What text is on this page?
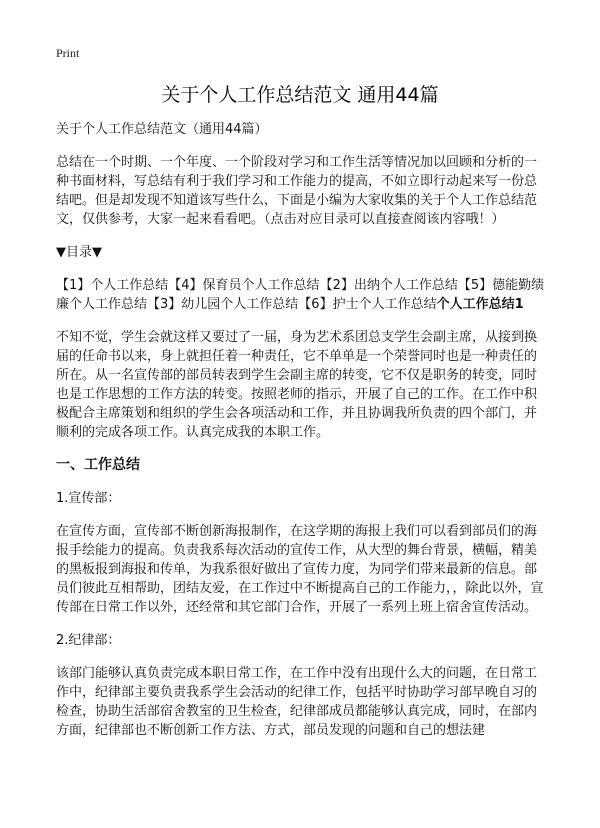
Print
关于个人工作总结范文 通用44篇

关于个人工作总结范文（通用44篇）

总结在一个时期、一个年度、一个阶段对学习和工作生活等情况加以回顾和分析的一种书面材料，写总结有利于我们学习和工作能力的提高，不如立即行动起来写一份总结吧。但是却发现不知道该写些什么，下面是小编为大家收集的关于个人工作总结范文，仅供参考，大家一起来看看吧。（点击对应目录可以直接查阅该内容哦！）

▼目录▼

【1】个人工作总结【4】保育员个人工作总结【2】出纳个人工作总结【5】德能勤绩廉个人工作总结【3】幼儿园个人工作总结【6】护士个人工作总结个人工作总结1

不知不觉，学生会就这样又要过了一届，身为艺术系团总支学生会副主席，从接到换届的任命书以来，身上就担任着一种责任，它不单单是一个荣誉同时也是一种责任的所在。从一名宣传部的部员转表到学生会副主席的转变，它不仅是职务的转变，同时也是工作思想的工作方法的转变。按照老师的指示，开展了自己的工作。在工作中积极配合主席策划和组织的学生会各项活动和工作，并且协调我所负责的四个部门，并顺利的完成各项工作。认真完成我的本职工作。

一、工作总结

1.宣传部：

在宣传方面，宣传部不断创新海报制作，在这学期的海报上我们可以看到部员们的海报手绘能力的提高。负责我系每次活动的宣传工作，从大型的舞台背景，横幅，精美的黑板报到海报和传单，为我系很好做出了宣传力度，为同学们带来最新的信息。部员们彼此互相帮助，团结友爱，在工作过中不断提高自己的工作能力，，除此以外，宣传部在日常工作以外，还经常和其它部门合作，开展了一系列上班上宿舍宣传活动。

2.纪律部：

该部门能够认真负责完成本职日常工作，在工作中没有出现什么大的问题，在日常工作中，纪律部主要负责我系学生会活动的纪律工作，包括平时协助学习部早晚自习的检查，协助生活部宿舍教室的卫生检查，纪律部成员都能够认真完成，同时，在部内方面，纪律部也不断创新工作方法、方式，部员发现的问题和自己的想法建
